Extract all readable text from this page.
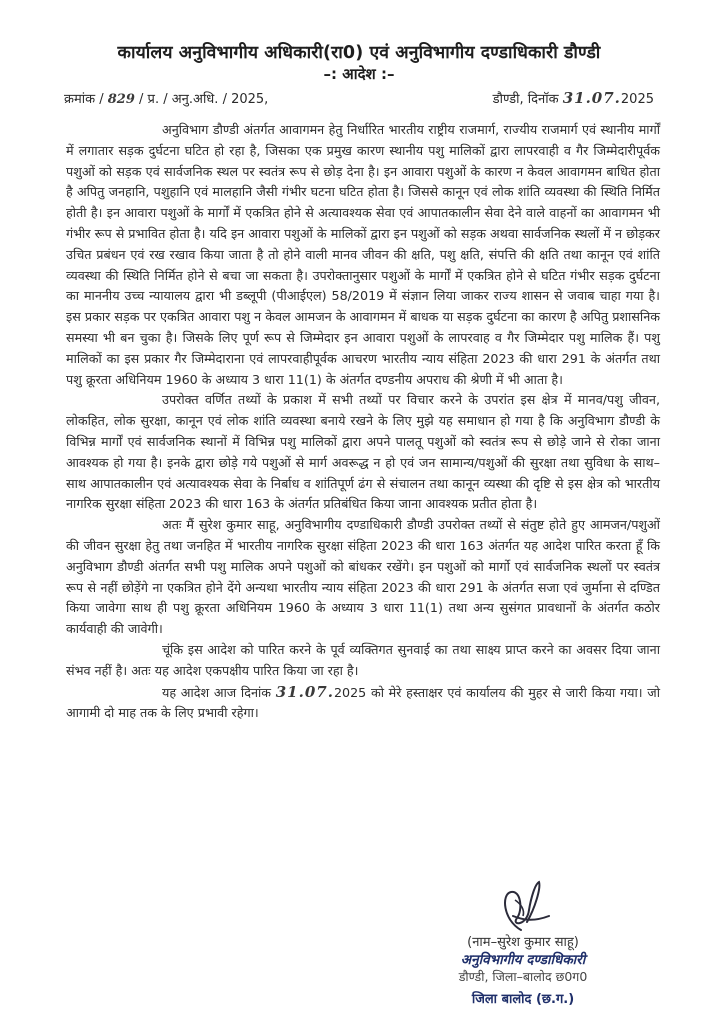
कार्यालय अनुविभागीय अधिकारी(रा0) एवं अनुविभागीय दण्डाधिकारी डौण्डी
–: आदेश :–
क्रमांक / 829 / प्र. / अनु.अधि. / 2025,	डौण्डी, दिनॉक 31.07.2025

अनुविभाग डौण्डी अंतर्गत आवागमन हेतु निर्धारित भारतीय राष्ट्रीय राजमार्ग, राज्यीय राजमार्ग एवं स्थानीय मार्गों में लगातार सड़क दुर्घटना घटित हो रहा है, जिसका एक प्रमुख कारण स्थानीय पशु मालिकों द्वारा लापरवाही व गैर जिम्मेदारीपूर्वक पशुओं को सड़क एवं सार्वजनिक स्थल पर स्वतंत्र रूप से छोड़ देना है। इन आवारा पशुओं के कारण न केवल आवागमन बाधित होता है अपितु जनहानि, पशुहानि एवं मालहानि जैसी गंभीर घटना घटित होता है। जिससे कानून एवं लोक शांति व्यवस्था की स्थिति निर्मित होती है। इन आवारा पशुओं के मार्गों में एकत्रित होने से अत्यावश्यक सेवा एवं आपातकालीन सेवा देने वाले वाहनों का आवागमन भी गंभीर रूप से प्रभावित होता है। यदि इन आवारा पशुओं के मालिकों द्वारा इन पशुओं को सड़क अथवा सार्वजनिक स्थलों में न छोड़कर उचित प्रबंधन एवं रख रखाव किया जाता है तो होने वाली मानव जीवन की क्षति, पशु क्षति, संपत्ति की क्षति तथा कानून एवं शांति व्यवस्था की स्थिति निर्मित होने से बचा जा सकता है। उपरोक्तानुसार पशुओं के मार्गों में एकत्रित होने से घटित गंभीर सड़क दुर्घटना का माननीय उच्च न्यायालय द्वारा भी डब्लूपी (पीआईएल) 58/2019 में संज्ञान लिया जाकर राज्य शासन से जवाब चाहा गया है। इस प्रकार सड़क पर एकत्रित आवारा पशु न केवल आमजन के आवागमन में बाधक या सड़क दुर्घटना का कारण है अपितु प्रशासनिक समस्या भी बन चुका है। जिसके लिए पूर्ण रूप से जिम्मेदार इन आवारा पशुओं के लापरवाह व गैर जिम्मेदार पशु मालिक हैं। पशु मालिकों का इस प्रकार गैर जिम्मेदाराना एवं लापरवाहीपूर्वक आचरण भारतीय न्याय संहिता 2023 की धारा 291 के अंतर्गत तथा पशु क्रूरता अधिनियम 1960 के अध्याय 3 धारा 11(1) के अंतर्गत दण्डनीय अपराध की श्रेणी में भी आता है।

उपरोक्त वर्णित तथ्यों के प्रकाश में सभी तथ्यों पर विचार करने के उपरांत इस क्षेत्र में मानव/पशु जीवन, लोकहित, लोक सुरक्षा, कानून एवं लोक शांति व्यवस्था बनाये रखने के लिए मुझे यह समाधान हो गया है कि अनुविभाग डौण्डी के विभिन्न मार्गों एवं सार्वजनिक स्थानों में विभिन्न पशु मालिकों द्वारा अपने पालतू पशुओं को स्वतंत्र रूप से छोड़े जाने से रोका जाना आवश्यक हो गया है। इनके द्वारा छोड़े गये पशुओं से मार्ग अवरूद्ध न हो एवं जन सामान्य/पशुओं की सुरक्षा तथा सुविधा के साथ–साथ आपातकालीन एवं अत्यावश्यक सेवा के निर्बाध व शांतिपूर्ण ढंग से संचालन तथा कानून व्यस्था की दृष्टि से इस क्षेत्र को भारतीय नागरिक सुरक्षा संहिता 2023 की धारा 163 के अंतर्गत प्रतिबंधित किया जाना आवश्यक प्रतीत होता है।

अतः मैं सुरेश कुमार साहू, अनुविभागीय दण्डाधिकारी डौण्डी उपरोक्त तथ्यों से संतुष्ट होते हुए आमजन/पशुओं की जीवन सुरक्षा हेतु तथा जनहित में भारतीय नागरिक सुरक्षा संहिता 2023 की धारा 163 अंतर्गत यह आदेश पारित करता हूँ कि अनुविभाग डौण्डी अंतर्गत सभी पशु मालिक अपने पशुओं को बांधकर रखेंगे। इन पशुओं को मार्गो एवं सार्वजनिक स्थलों पर स्वतंत्र रूप से नहीं छोड़ेंगे ना एकत्रित होने देंगे अन्यथा भारतीय न्याय संहिता 2023 की धारा 291 के अंतर्गत सजा एवं जुर्माना से दण्डित किया जावेगा साथ ही पशु क्रूरता अधिनियम 1960 के अध्याय 3 धारा 11(1) तथा अन्य सुसंगत प्रावधानों के अंतर्गत कठोर कार्यवाही की जावेगी।

चूंकि इस आदेश को पारित करने के पूर्व व्यक्तिगत सुनवाई का तथा साक्ष्य प्राप्त करने का अवसर दिया जाना संभव नहीं है। अतः यह आदेश एकपक्षीय पारित किया जा रहा है।

यह आदेश आज दिनांक 31.07.2025 को मेरे हस्ताक्षर एवं कार्यालय की मुहर से जारी किया गया। जो आगामी दो माह तक के लिए प्रभावी रहेगा।

(नाम–सुरेश कुमार साहू)
अनुविभागीय दण्डाधिकारी
डौण्डी, जिला–बालोद छ0ग0
जिला बालोद (छ.ग.)
